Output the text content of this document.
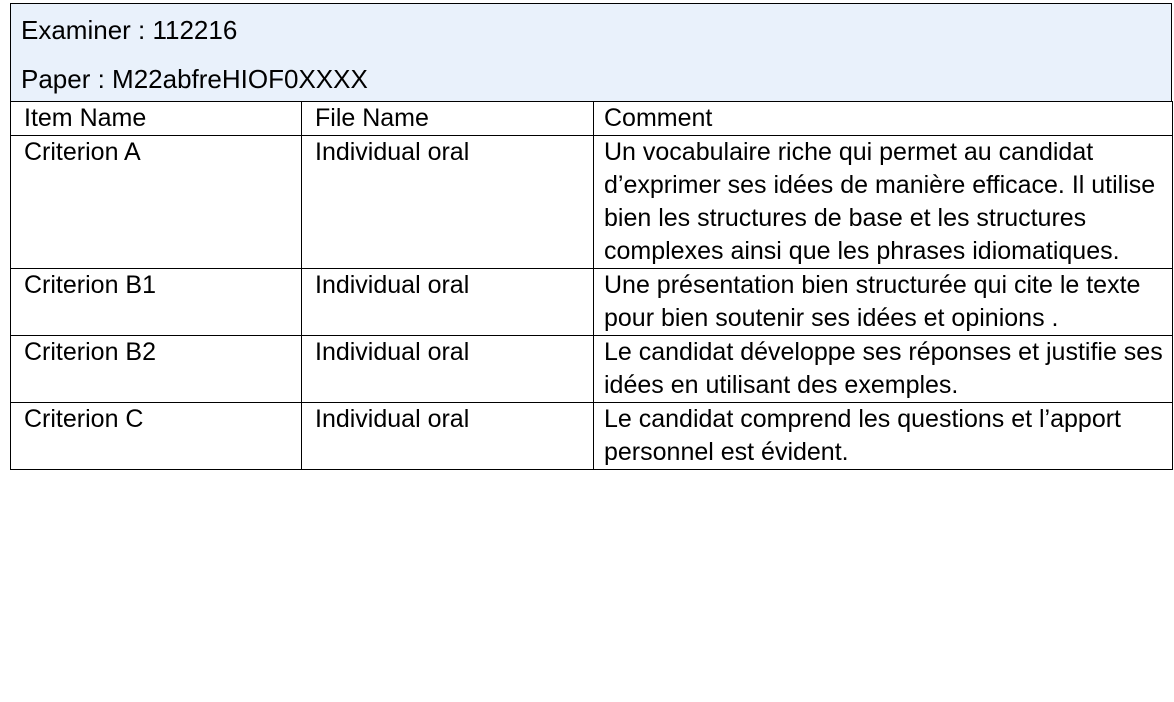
Examiner : 112216
Paper : M22abfreHIOF0XXXX
Item Name	File Name	Comment
Criterion A	Individual oral	Un vocabulaire riche qui permet au candidat d’exprimer ses idées de manière efficace. Il utilise bien les structures de base et les structures complexes ainsi que les phrases idiomatiques.
Criterion B1	Individual oral	Une présentation bien structurée qui cite le texte pour bien soutenir ses idées et opinions .
Criterion B2	Individual oral	Le candidat développe ses réponses et justifie ses idées en utilisant des exemples.
Criterion C	Individual oral	Le candidat comprend les questions et l’apport personnel est évident.
